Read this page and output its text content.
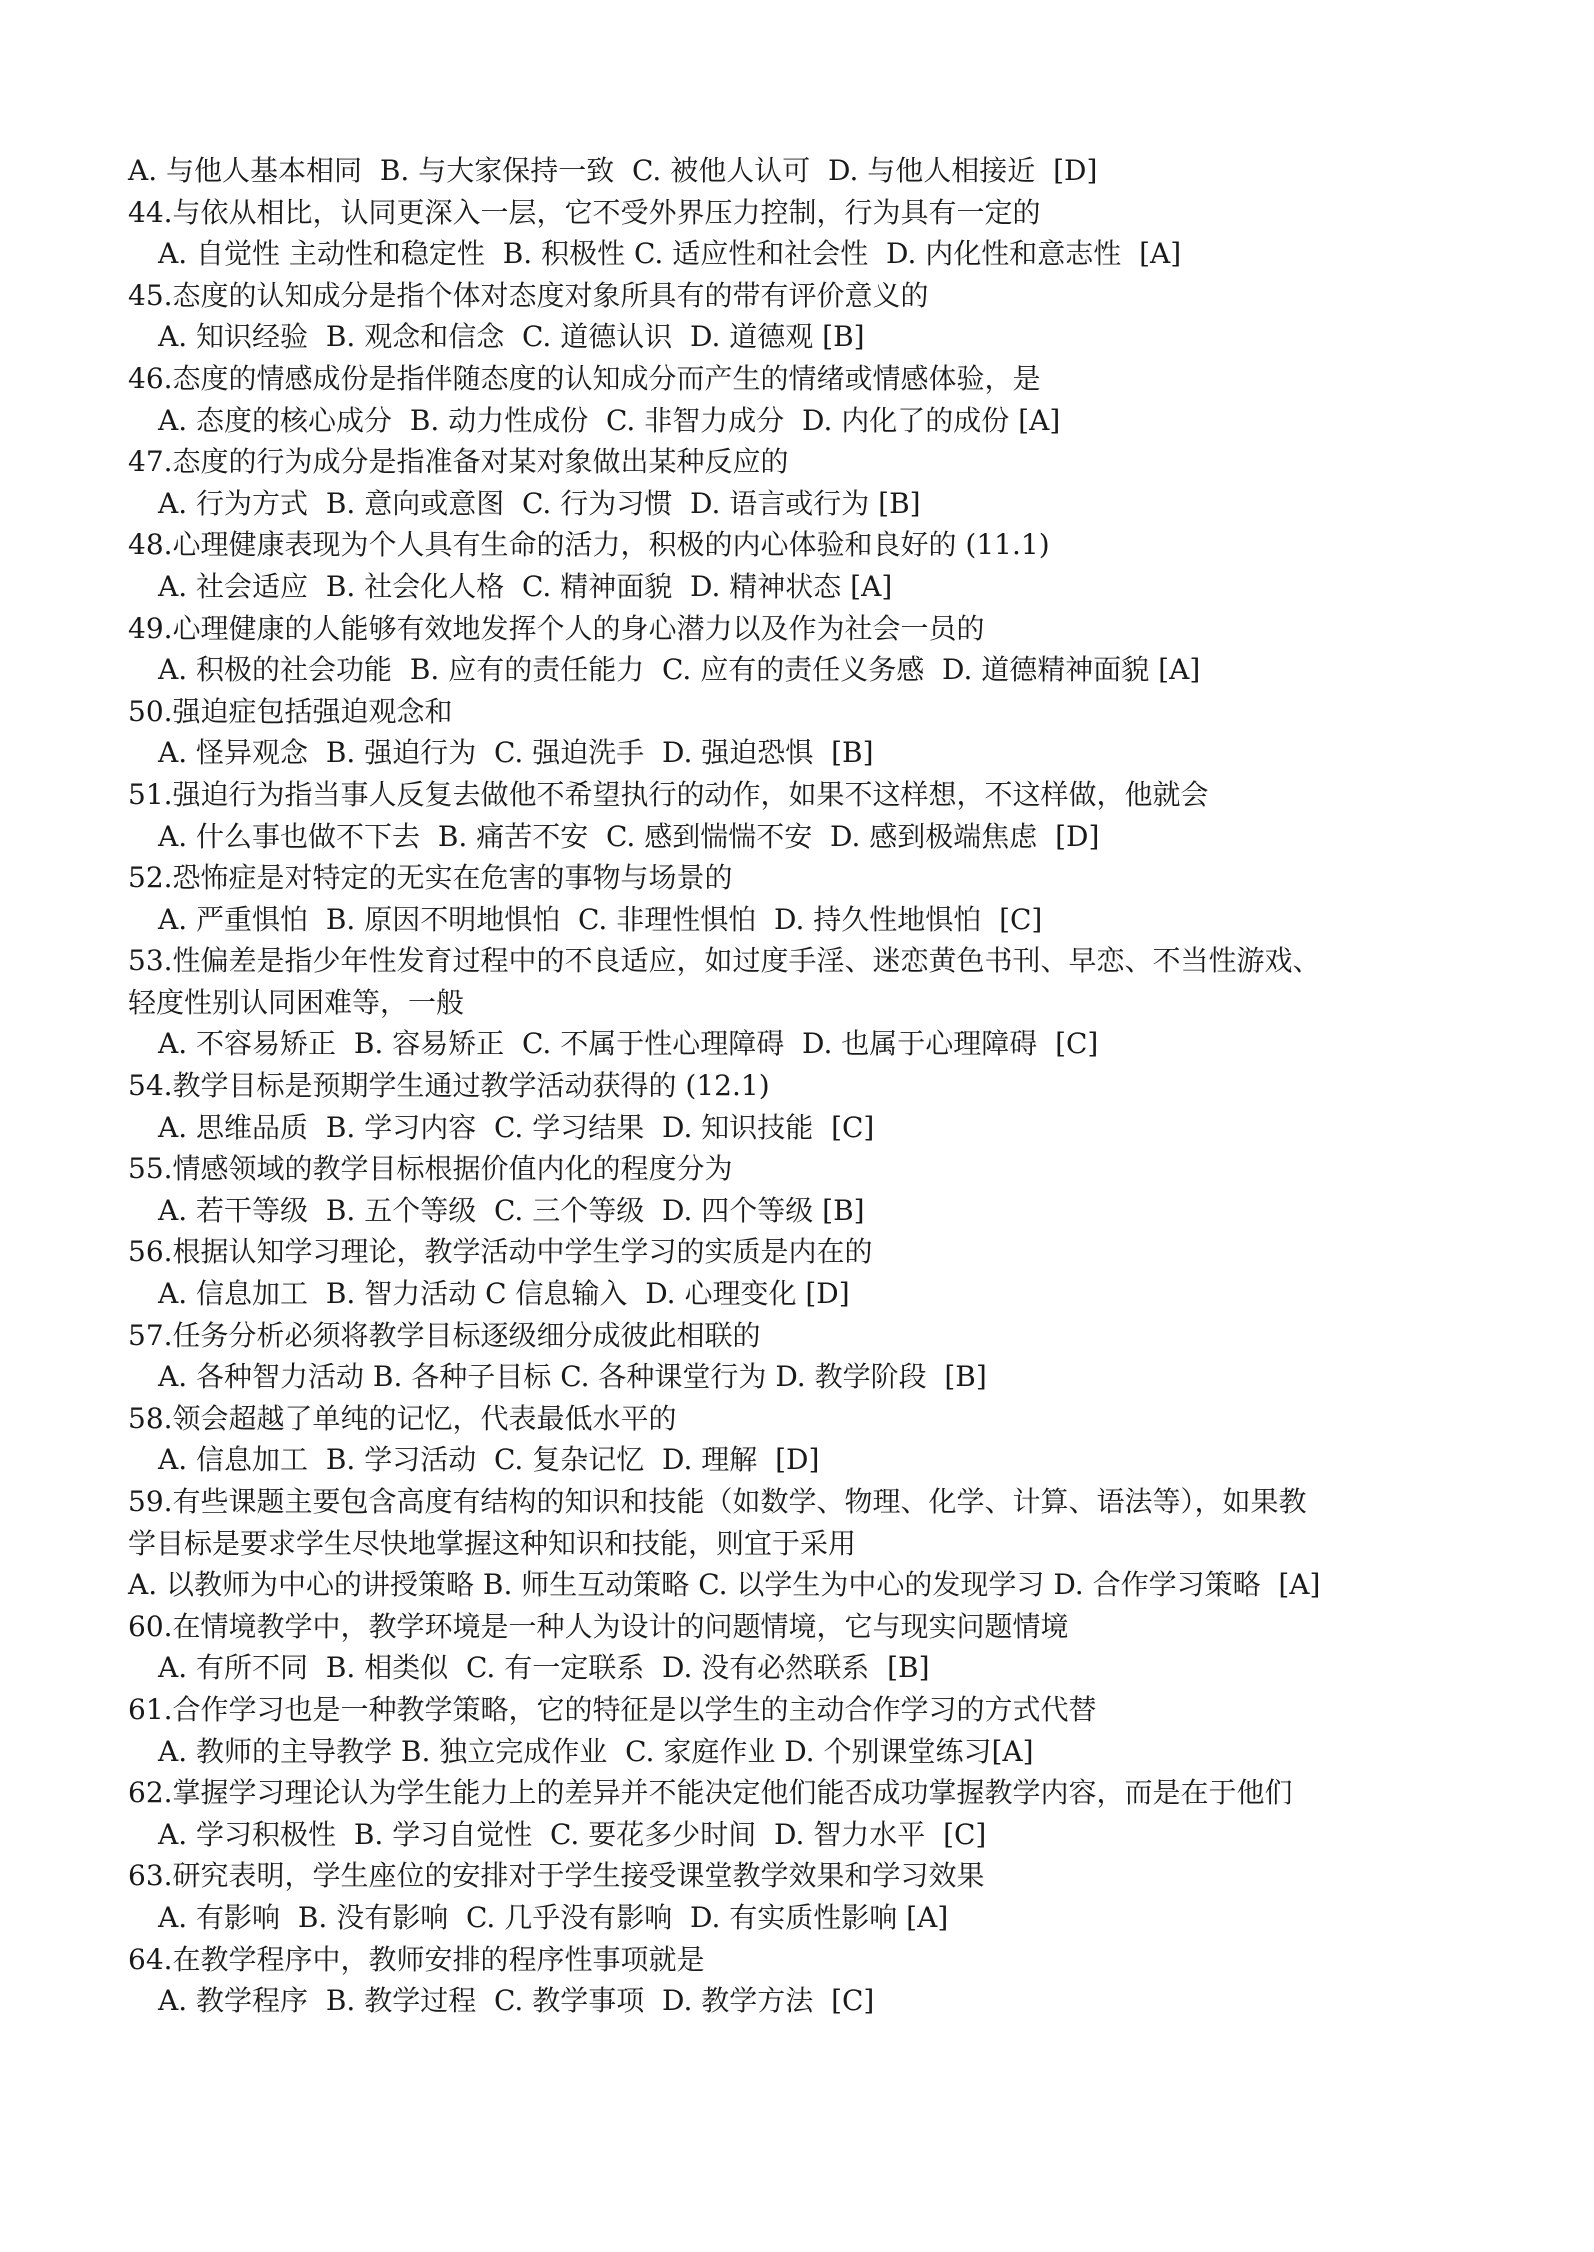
A. 与他人基本相同  B. 与大家保持一致  C. 被他人认可  D. 与他人相接近  [D]
44.与依从相比，认同更深入一层，它不受外界压力控制，行为具有一定的
A. 自觉性 主动性和稳定性  B. 积极性 C. 适应性和社会性  D. 内化性和意志性  [A]
45.态度的认知成分是指个体对态度对象所具有的带有评价意义的
A. 知识经验  B. 观念和信念  C. 道德认识  D. 道德观 [B]
46.态度的情感成份是指伴随态度的认知成分而产生的情绪或情感体验，是
A. 态度的核心成分  B. 动力性成份  C. 非智力成分  D. 内化了的成份 [A]
47.态度的行为成分是指准备对某对象做出某种反应的
A. 行为方式  B. 意向或意图  C. 行为习惯  D. 语言或行为 [B]
48.心理健康表现为个人具有生命的活力，积极的内心体验和良好的 (11.1)
A. 社会适应  B. 社会化人格  C. 精神面貌  D. 精神状态 [A]
49.心理健康的人能够有效地发挥个人的身心潜力以及作为社会一员的
A. 积极的社会功能  B. 应有的责任能力  C. 应有的责任义务感  D. 道德精神面貌 [A]
50.强迫症包括强迫观念和
A. 怪异观念  B. 强迫行为  C. 强迫洗手  D. 强迫恐惧  [B]
51.强迫行为指当事人反复去做他不希望执行的动作，如果不这样想，不这样做，他就会
A. 什么事也做不下去  B. 痛苦不安  C. 感到惴惴不安  D. 感到极端焦虑  [D]
52.恐怖症是对特定的无实在危害的事物与场景的
A. 严重惧怕  B. 原因不明地惧怕  C. 非理性惧怕  D. 持久性地惧怕  [C]
53.性偏差是指少年性发育过程中的不良适应，如过度手淫、迷恋黄色书刊、早恋、不当性游戏、
轻度性别认同困难等，一般
A. 不容易矫正  B. 容易矫正  C. 不属于性心理障碍  D. 也属于心理障碍  [C]
54.教学目标是预期学生通过教学活动获得的 (12.1)
A. 思维品质  B. 学习内容  C. 学习结果  D. 知识技能  [C]
55.情感领域的教学目标根据价值内化的程度分为
A. 若干等级  B. 五个等级  C. 三个等级  D. 四个等级 [B]
56.根据认知学习理论，教学活动中学生学习的实质是内在的
A. 信息加工  B. 智力活动 C 信息输入  D. 心理变化 [D]
57.任务分析必须将教学目标逐级细分成彼此相联的
A. 各种智力活动 B. 各种子目标 C. 各种课堂行为 D. 教学阶段  [B]
58.领会超越了单纯的记忆，代表最低水平的
A. 信息加工  B. 学习活动  C. 复杂记忆  D. 理解  [D]
59.有些课题主要包含高度有结构的知识和技能（如数学、物理、化学、计算、语法等），如果教
学目标是要求学生尽快地掌握这种知识和技能，则宜于采用
A. 以教师为中心的讲授策略 B. 师生互动策略 C. 以学生为中心的发现学习 D. 合作学习策略  [A]
60.在情境教学中，教学环境是一种人为设计的问题情境，它与现实问题情境
A. 有所不同  B. 相类似  C. 有一定联系  D. 没有必然联系  [B]
61.合作学习也是一种教学策略，它的特征是以学生的主动合作学习的方式代替
A. 教师的主导教学 B. 独立完成作业  C. 家庭作业 D. 个别课堂练习[A]
62.掌握学习理论认为学生能力上的差异并不能决定他们能否成功掌握教学内容，而是在于他们
A. 学习积极性  B. 学习自觉性  C. 要花多少时间  D. 智力水平  [C]
63.研究表明，学生座位的安排对于学生接受课堂教学效果和学习效果
A. 有影响  B. 没有影响  C. 几乎没有影响  D. 有实质性影响 [A]
64.在教学程序中，教师安排的程序性事项就是
A. 教学程序  B. 教学过程  C. 教学事项  D. 教学方法  [C]
